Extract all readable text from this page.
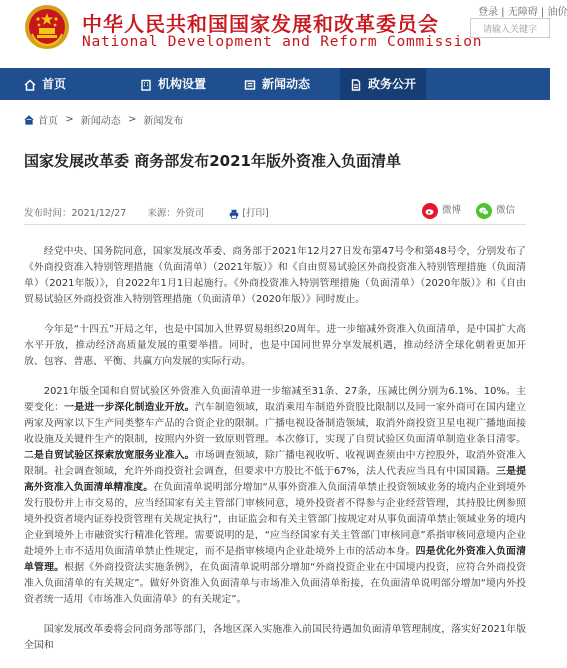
中华人民共和国国家发展和改革委员会
National Development and Reform Commission
登录 | 无障碍 | 油价
请输入关键字
首页	机构设置	新闻动态	政务公开
首页 > 新闻动态 > 新闻发布
国家发展改革委 商务部发布2021年版外资准入负面清单
发布时间：2021/12/27 来源：外资司	[打印]	微博	微信

经党中央、国务院同意，国家发展改革委、商务部于2021年12月27日发布第47号令和第48号令，分别发布了《外商投资准入特别管理措施（负面清单）（2021年版）》和《自由贸易试验区外商投资准入特别管理措施（负面清单）（2021年版）》，自2022年1月1日起施行。《外商投资准入特别管理措施（负面清单）（2020年版）》和《自由贸易试验区外商投资准入特别管理措施（负面清单）（2020年版）》同时废止。

今年是“十四五”开局之年，也是中国加入世界贸易组织20周年。进一步缩减外资准入负面清单，是中国扩大高水平开放，推动经济高质量发展的重要举措。同时，也是中国同世界分享发展机遇，推动经济全球化朝着更加开放、包容、普惠、平衡、共赢方向发展的实际行动。

2021年版全国和自贸试验区外资准入负面清单进一步缩减至31条、27条，压减比例分别为6.1%、10%。主要变化：一是进一步深化制造业开放。汽车制造领域，取消乘用车制造外资股比限制以及同一家外商可在国内建立两家及两家以下生产同类整车产品的合资企业的限制。广播电视设备制造领域，取消外商投资卫星电视广播地面接收设施及关键件生产的限制，按照内外资一致原则管理。本次修订，实现了自贸试验区负面清单制造业条目清零。二是自贸试验区探索放宽服务业准入。市场调查领域，除广播电视收听、收视调查须由中方控股外，取消外资准入限制。社会调查领域，允许外商投资社会调查，但要求中方股比不低于67%，法人代表应当具有中国国籍。三是提高外资准入负面清单精准度。在负面清单说明部分增加“从事外资准入负面清单禁止投资领域业务的境内企业到境外发行股份并上市交易的，应当经国家有关主管部门审核同意，境外投资者不得参与企业经营管理，其持股比例参照境外投资者境内证券投资管理有关规定执行”，由证监会和有关主管部门按规定对从事负面清单禁止领域业务的境内企业到境外上市融资实行精准化管理。需要说明的是，“应当经国家有关主管部门审核同意”系指审核同意境内企业赴境外上市不适用负面清单禁止性规定，而不是指审核境内企业赴境外上市的活动本身。四是优化外资准入负面清单管理。根据《外商投资法实施条例》，在负面清单说明部分增加“外商投资企业在中国境内投资，应符合外商投资准入负面清单的有关规定”。做好外资准入负面清单与市场准入负面清单衔接，在负面清单说明部分增加“境内外投资者统一适用《市场准入负面清单》的有关规定”。

国家发展改革委将会同商务部等部门，各地区深入实施准入前国民待遇加负面清单管理制度，落实好2021年版全国和
